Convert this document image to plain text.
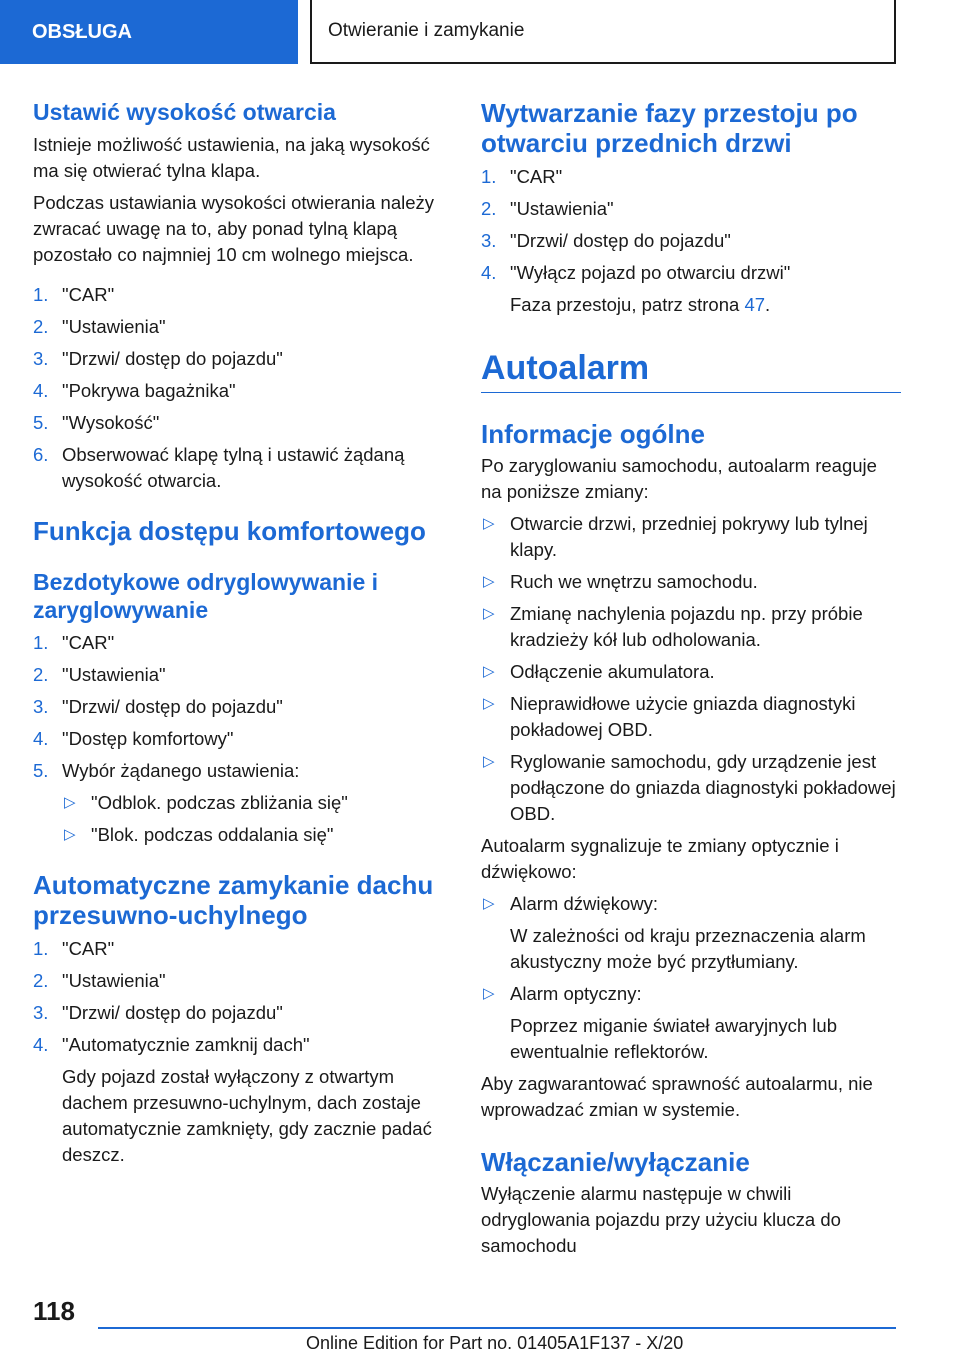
OBSŁUGA	Otwieranie i zamykanie
Ustawić wysokość otwarcia

Istnieje możliwość ustawienia, na jaką wysokość ma się otwierać tylna klapa.

Podczas ustawiania wysokości otwierania należy zwracać uwagę na to, aby ponad tylną klapą pozostało co najmniej 10 cm wolnego miejsca.

1. "CAR"
2. "Ustawienia"
3. "Drzwi/ dostęp do pojazdu"
4. "Pokrywa bagażnika"
5. "Wysokość"
6. Obserwować klapę tylną i ustawić żądaną wysokość otwarcia.
Funkcja dostępu komfortowego
Bezdotykowe odryglowywanie i zaryglowywanie
1. "CAR"
2. "Ustawienia"
3. "Drzwi/ dostęp do pojazdu"
4. "Dostęp komfortowy"
5. Wybór żądanego ustawienia:
▷ "Odblok. podczas zbliżania się"
▷ "Blok. podczas oddalania się"
Automatyczne zamykanie dachu przesuwno-uchylnego
1. "CAR"
2. "Ustawienia"
3. "Drzwi/ dostęp do pojazdu"
4. "Automatycznie zamknij dach"
Gdy pojazd został wyłączony z otwartym dachem przesuwno-uchylnym, dach zostaje automatycznie zamknięty, gdy zacznie padać deszcz.
Wytwarzanie fazy przestoju po otwarciu przednich drzwi
1. "CAR"
2. "Ustawienia"
3. "Drzwi/ dostęp do pojazdu"
4. "Wyłącz pojazd po otwarciu drzwi"
Faza przestoju, patrz strona 47.
Autoalarm
Informacje ogólne

Po zaryglowaniu samochodu, autoalarm reaguje na poniższe zmiany:

▷ Otwarcie drzwi, przedniej pokrywy lub tylnej klapy.
▷ Ruch we wnętrzu samochodu.
▷ Zmianę nachylenia pojazdu np. przy próbie kradzieży kół lub odholowania.
▷ Odłączenie akumulatora.
▷ Nieprawidłowe użycie gniazda diagnostyki pokładowej OBD.
▷ Ryglowanie samochodu, gdy urządzenie jest podłączone do gniazda diagnostyki pokładowej OBD.

Autoalarm sygnalizuje te zmiany optycznie i dźwiękowo:

▷ Alarm dźwiękowy:
W zależności od kraju przeznaczenia alarm akustyczny może być przytłumiany.
▷ Alarm optyczny:
Poprzez miganie świateł awaryjnych lub ewentualnie reflektorów.

Aby zagwarantować sprawność autoalarmu, nie wprowadzać zmian w systemie.

Włączanie/wyłączanie

Wyłączenie alarmu następuje w chwili odryglowania pojazdu przy użyciu klucza do samochodu

118
Online Edition for Part no. 01405A1F137 - X/20
